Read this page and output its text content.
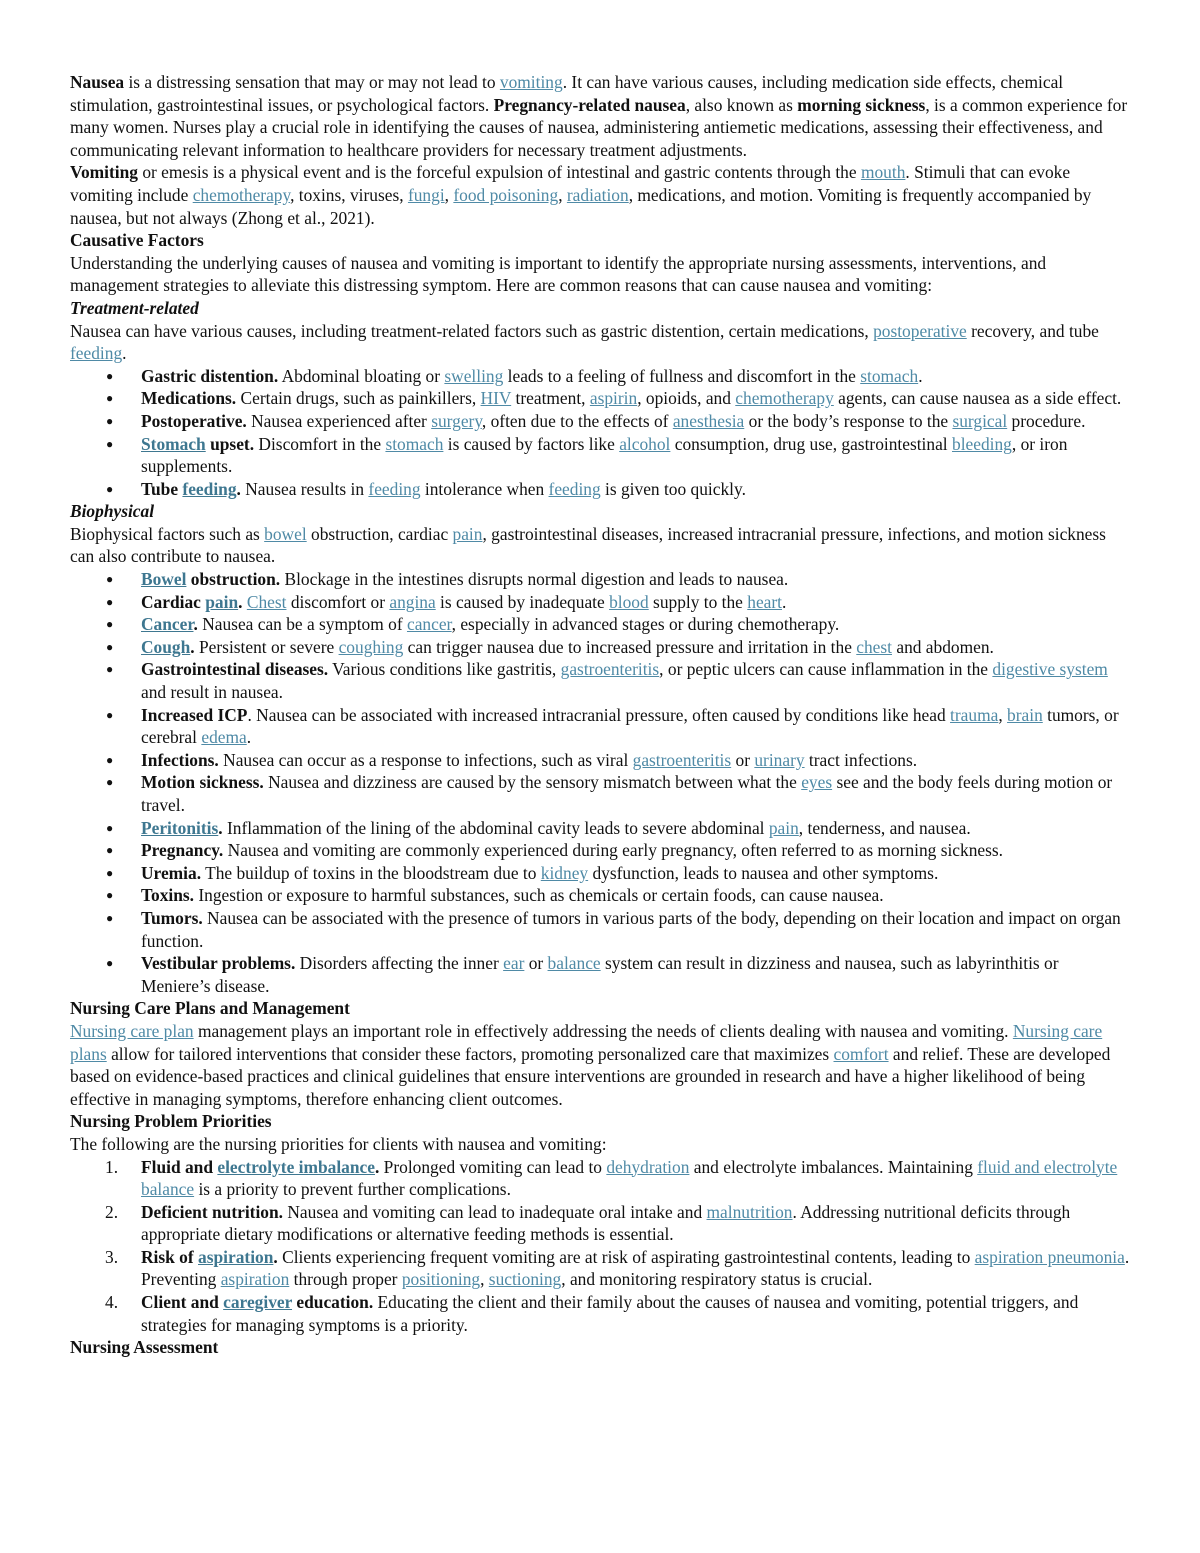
Nausea is a distressing sensation that may or may not lead to vomiting. It can have various causes, including medication side effects, chemical stimulation, gastrointestinal issues, or psychological factors. Pregnancy-related nausea, also known as morning sickness, is a common experience for many women. Nurses play a crucial role in identifying the causes of nausea, administering antiemetic medications, assessing their effectiveness, and communicating relevant information to healthcare providers for necessary treatment adjustments.

Vomiting or emesis is a physical event and is the forceful expulsion of intestinal and gastric contents through the mouth. Stimuli that can evoke vomiting include chemotherapy, toxins, viruses, fungi, food poisoning, radiation, medications, and motion. Vomiting is frequently accompanied by nausea, but not always (Zhong et al., 2021).

Causative Factors

Understanding the underlying causes of nausea and vomiting is important to identify the appropriate nursing assessments, interventions, and management strategies to alleviate this distressing symptom. Here are common reasons that can cause nausea and vomiting:

Treatment-related

Nausea can have various causes, including treatment-related factors such as gastric distention, certain medications, postoperative recovery, and tube feeding.

● Gastric distention. Abdominal bloating or swelling leads to a feeling of fullness and discomfort in the stomach.
● Medications. Certain drugs, such as painkillers, HIV treatment, aspirin, opioids, and chemotherapy agents, can cause nausea as a side effect.
● Postoperative. Nausea experienced after surgery, often due to the effects of anesthesia or the body’s response to the surgical procedure.
● Stomach upset. Discomfort in the stomach is caused by factors like alcohol consumption, drug use, gastrointestinal bleeding, or iron supplements.
● Tube feeding. Nausea results in feeding intolerance when feeding is given too quickly.

Biophysical

Biophysical factors such as bowel obstruction, cardiac pain, gastrointestinal diseases, increased intracranial pressure, infections, and motion sickness can also contribute to nausea.

● Bowel obstruction. Blockage in the intestines disrupts normal digestion and leads to nausea.
● Cardiac pain. Chest discomfort or angina is caused by inadequate blood supply to the heart.
● Cancer. Nausea can be a symptom of cancer, especially in advanced stages or during chemotherapy.
● Cough. Persistent or severe coughing can trigger nausea due to increased pressure and irritation in the chest and abdomen.
● Gastrointestinal diseases. Various conditions like gastritis, gastroenteritis, or peptic ulcers can cause inflammation in the digestive system and result in nausea.
● Increased ICP. Nausea can be associated with increased intracranial pressure, often caused by conditions like head trauma, brain tumors, or cerebral edema.
● Infections. Nausea can occur as a response to infections, such as viral gastroenteritis or urinary tract infections.
● Motion sickness. Nausea and dizziness are caused by the sensory mismatch between what the eyes see and the body feels during motion or travel.
● Peritonitis. Inflammation of the lining of the abdominal cavity leads to severe abdominal pain, tenderness, and nausea.
● Pregnancy. Nausea and vomiting are commonly experienced during early pregnancy, often referred to as morning sickness.
● Uremia. The buildup of toxins in the bloodstream due to kidney dysfunction, leads to nausea and other symptoms.
● Toxins. Ingestion or exposure to harmful substances, such as chemicals or certain foods, can cause nausea.
● Tumors. Nausea can be associated with the presence of tumors in various parts of the body, depending on their location and impact on organ function.
● Vestibular problems. Disorders affecting the inner ear or balance system can result in dizziness and nausea, such as labyrinthitis or Meniere’s disease.

Nursing Care Plans and Management

Nursing care plan management plays an important role in effectively addressing the needs of clients dealing with nausea and vomiting. Nursing care plans allow for tailored interventions that consider these factors, promoting personalized care that maximizes comfort and relief. These are developed based on evidence-based practices and clinical guidelines that ensure interventions are grounded in research and have a higher likelihood of being effective in managing symptoms, therefore enhancing client outcomes.

Nursing Problem Priorities

The following are the nursing priorities for clients with nausea and vomiting:

1. Fluid and electrolyte imbalance. Prolonged vomiting can lead to dehydration and electrolyte imbalances. Maintaining fluid and electrolyte balance is a priority to prevent further complications.
2. Deficient nutrition. Nausea and vomiting can lead to inadequate oral intake and malnutrition. Addressing nutritional deficits through appropriate dietary modifications or alternative feeding methods is essential.
3. Risk of aspiration. Clients experiencing frequent vomiting are at risk of aspirating gastrointestinal contents, leading to aspiration pneumonia. Preventing aspiration through proper positioning, suctioning, and monitoring respiratory status is crucial.
4. Client and caregiver education. Educating the client and their family about the causes of nausea and vomiting, potential triggers, and strategies for managing symptoms is a priority.

Nursing Assessment
